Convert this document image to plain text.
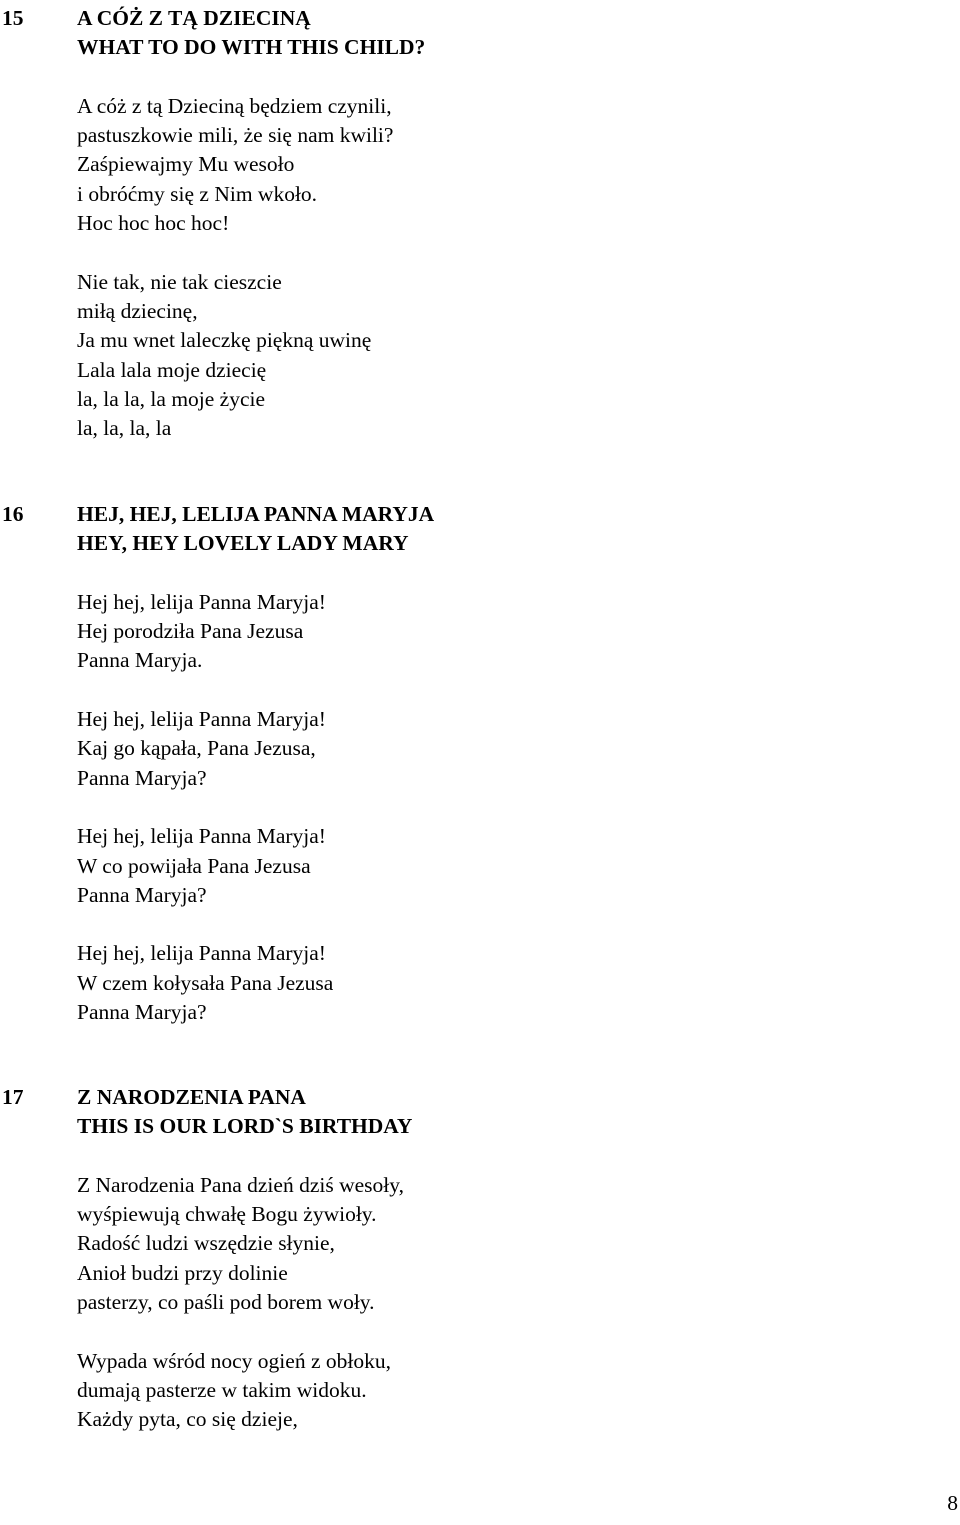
15	A CÓŻ Z TĄ DZIECINĄ
WHAT TO DO WITH THIS CHILD?
A cóż z tą Dzieciną będziem czynili,
pastuszkowie mili, że się nam kwili?
Zaśpiewajmy Mu wesoło
i obróćmy się z Nim wkoło.
Hoc hoc hoc hoc!
Nie tak, nie tak cieszcie
miłą dziecinę,
Ja mu wnet laleczkę piękną uwinę
Lala lala moje dziecię
la, la la, la moje życie
la, la, la, la
16	HEJ, HEJ, LELIJA PANNA MARYJA
HEY, HEY LOVELY LADY MARY
Hej hej, lelija Panna Maryja!
Hej porodziła Pana Jezusa
Panna Maryja.
Hej hej, lelija Panna Maryja!
Kaj go kąpała, Pana Jezusa,
Panna Maryja?
Hej hej, lelija Panna Maryja!
W co powijała Pana Jezusa
Panna Maryja?
Hej hej, lelija Panna Maryja!
W czem kołysała Pana Jezusa
Panna Maryja?
17	Z NARODZENIA PANA
THIS IS OUR LORD`S BIRTHDAY
Z Narodzenia Pana dzień dziś wesoły,
wyśpiewują chwałę Bogu żywioły.
Radość ludzi wszędzie słynie,
Anioł budzi przy dolinie
pasterzy, co paśli pod borem woły.
Wypada wśród nocy ogień z obłoku,
dumają pasterze w takim widoku.
Każdy pyta, co się dzieje,
8
